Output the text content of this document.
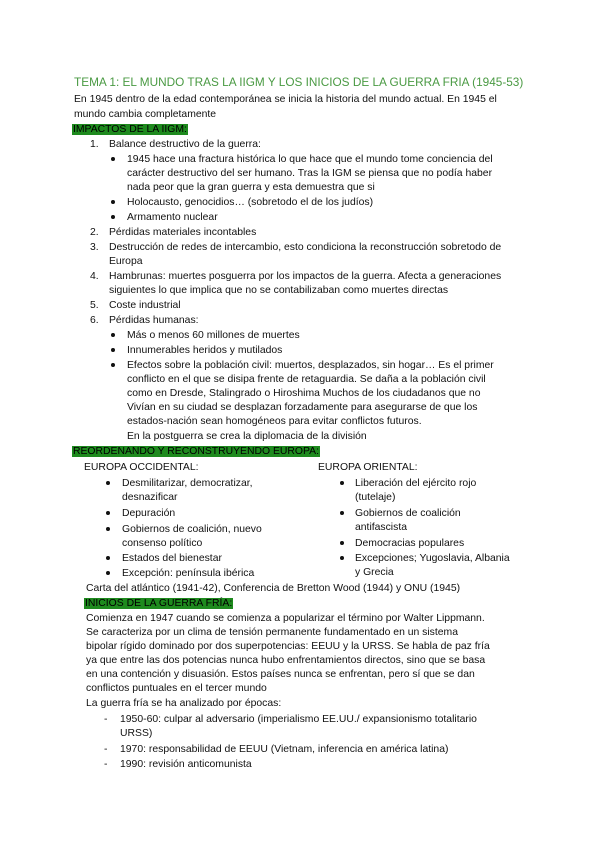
TEMA 1: EL MUNDO TRAS LA IIGM Y LOS INICIOS DE LA GUERRA FRIA (1945-53)
En 1945 dentro de la edad contemporánea se inicia la historia del mundo actual. En 1945 el
mundo cambia completamente
IMPACTOS DE LA IIGM:
1. Balance destructivo de la guerra:
1945 hace una fractura histórica lo que hace que el mundo tome conciencia del
carácter destructivo del ser humano. Tras la IGM se piensa que no podía haber
nada peor que la gran guerra y esta demuestra que si
Holocausto, genocidios… (sobretodo el de los judíos)
Armamento nuclear
2. Pérdidas materiales incontables
3. Destrucción de redes de intercambio, esto condiciona la reconstrucción sobretodo de
Europa
4. Hambrunas: muertes posguerra por los impactos de la guerra. Afecta a generaciones
siguientes lo que implica que no se contabilizaban como muertes directas
5. Coste industrial
6. Pérdidas humanas:
Más o menos 60 millones de muertes
Innumerables heridos y mutilados
Efectos sobre la población civil: muertos, desplazados, sin hogar… Es el primer
conflicto en el que se disipa frente de retaguardia. Se daña a la población civil
como en Dresde, Stalingrado o Hiroshima Muchos de los ciudadanos que no
Vivían en su ciudad se desplazan forzadamente para asegurarse de que los
estados-nación sean homogéneos para evitar conflictos futuros.
En la postguerra se crea la diplomacia de la división
REORDENANDO Y RECONSTRUYENDO EUROPA:
EUROPA OCCIDENTAL:	EUROPA ORIENTAL:
Desmilitarizar, democratizar,
desnazificar
Depuración
Gobiernos de coalición, nuevo
consenso político
Estados del bienestar
Excepción: península ibérica
Liberación del ejército rojo
(tutelaje)
Gobiernos de coalición
antifascista
Democracias populares
Excepciones; Yugoslavia, Albania
y Grecia
Carta del atlántico (1941-42), Conferencia de Bretton Wood (1944) y ONU (1945)
INICIOS DE LA GUERRA FRÍA:
Comienza en 1947 cuando se comienza a popularizar el término por Walter Lippmann.
Se caracteriza por un clima de tensión permanente fundamentado en un sistema
bipolar rígido dominado por dos superpotencias: EEUU y la URSS. Se habla de paz fría
ya que entre las dos potencias nunca hubo enfrentamientos directos, sino que se basa
en una contención y disuasión. Estos países nunca se enfrentan, pero sí que se dan
conflictos puntuales en el tercer mundo
La guerra fría se ha analizado por épocas:
- 1950-60: culpar al adversario (imperialismo EE.UU./ expansionismo totalitario
URSS)
- 1970: responsabilidad de EEUU (Vietnam, inferencia en américa latina)
- 1990: revisión anticomunista
